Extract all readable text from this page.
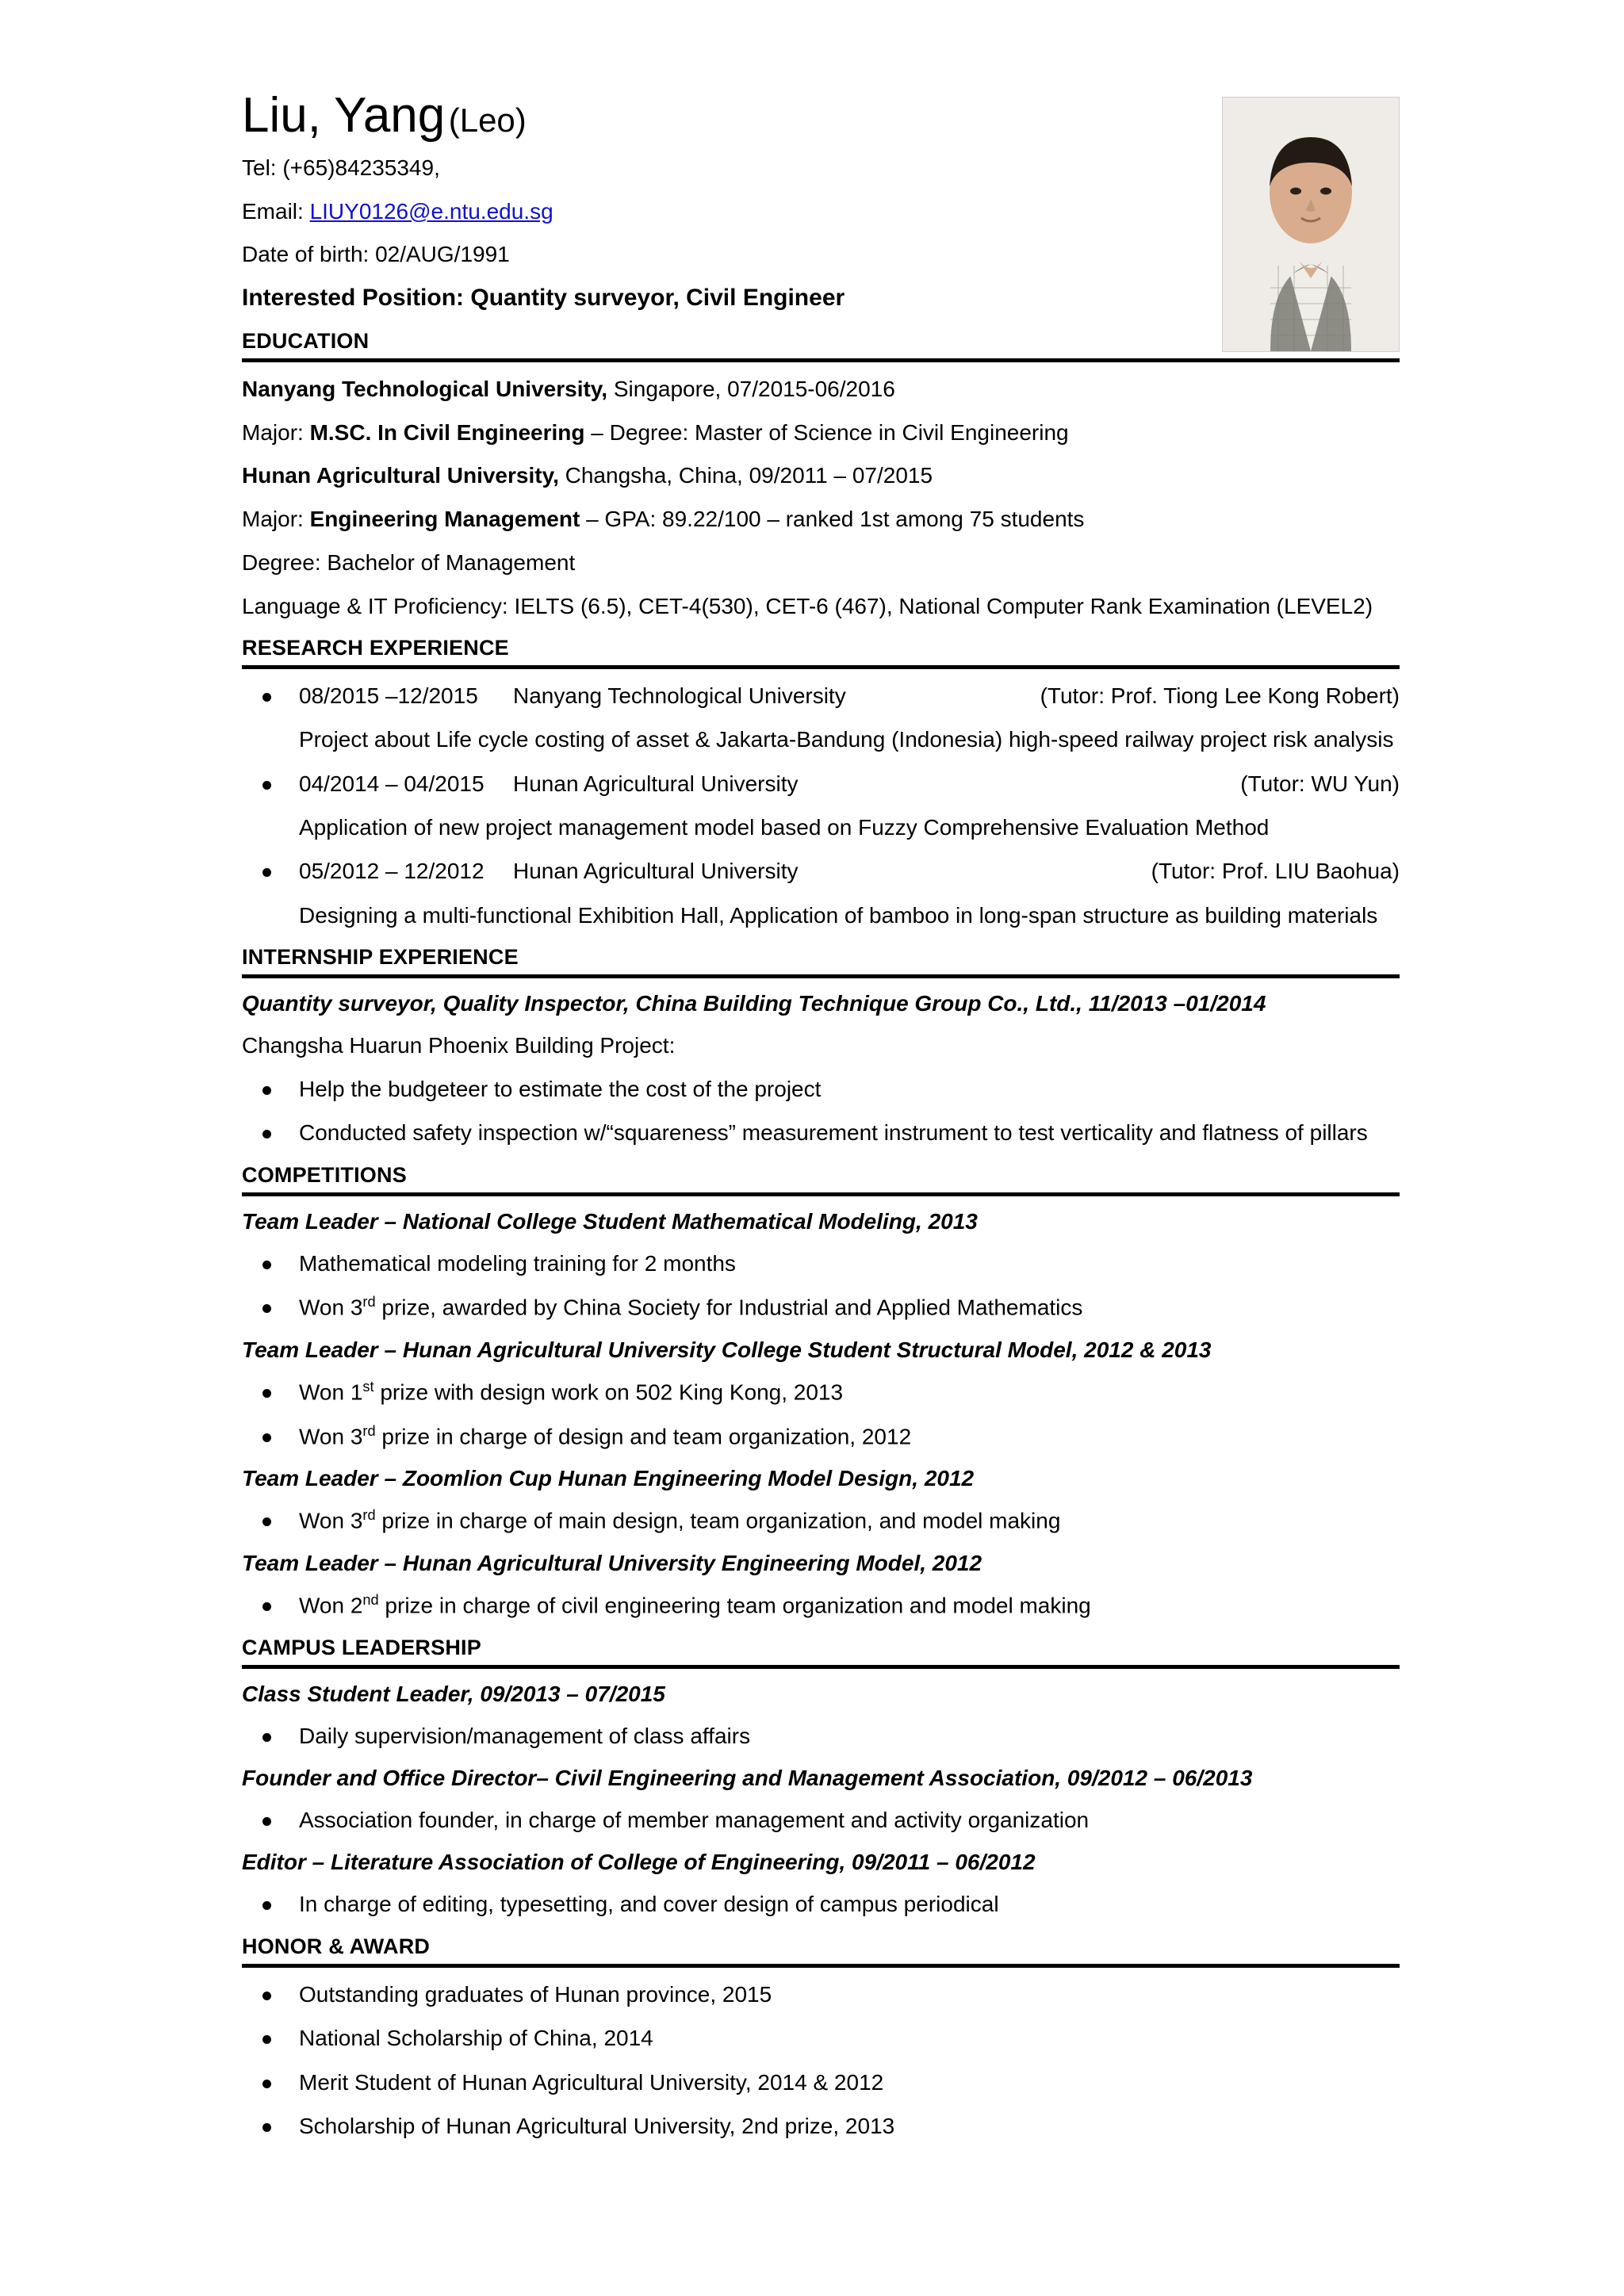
Liu, Yang (Leo)
Tel: (+65)84235349,
Email: LIUY0126@e.ntu.edu.sg
Date of birth: 02/AUG/1991
Interested Position: Quantity surveyor, Civil Engineer
EDUCATION
Nanyang Technological University, Singapore, 07/2015-06/2016
Major: M.SC. In Civil Engineering – Degree: Master of Science in Civil Engineering
Hunan Agricultural University, Changsha, China, 09/2011 – 07/2015
Major: Engineering Management – GPA: 89.22/100 – ranked 1st among 75 students
Degree: Bachelor of Management
Language & IT Proficiency: IELTS (6.5), CET-4(530), CET-6 (467), National Computer Rank Examination (LEVEL2)
RESEARCH EXPERIENCE
08/2015 –12/2015	Nanyang Technological University	(Tutor: Prof. Tiong Lee Kong Robert)
Project about Life cycle costing of asset & Jakarta-Bandung (Indonesia) high-speed railway project risk analysis
04/2014 – 04/2015	Hunan Agricultural University	(Tutor: WU Yun)
Application of new project management model based on Fuzzy Comprehensive Evaluation Method
05/2012 – 12/2012	Hunan Agricultural University	(Tutor: Prof. LIU Baohua)
Designing a multi-functional Exhibition Hall, Application of bamboo in long-span structure as building materials
INTERNSHIP EXPERIENCE
Quantity surveyor, Quality Inspector, China Building Technique Group Co., Ltd., 11/2013 –01/2014
Changsha Huarun Phoenix Building Project:
Help the budgeteer to estimate the cost of the project
Conducted safety inspection w/“squareness” measurement instrument to test verticality and flatness of pillars
COMPETITIONS
Team Leader – National College Student Mathematical Modeling, 2013
Mathematical modeling training for 2 months
Won 3rd prize, awarded by China Society for Industrial and Applied Mathematics
Team Leader – Hunan Agricultural University College Student Structural Model, 2012 & 2013
Won 1st prize with design work on 502 King Kong, 2013
Won 3rd prize in charge of design and team organization, 2012
Team Leader – Zoomlion Cup Hunan Engineering Model Design, 2012
Won 3rd prize in charge of main design, team organization, and model making
Team Leader – Hunan Agricultural University Engineering Model, 2012
Won 2nd prize in charge of civil engineering team organization and model making
CAMPUS LEADERSHIP
Class Student Leader, 09/2013 – 07/2015
Daily supervision/management of class affairs
Founder and Office Director– Civil Engineering and Management Association, 09/2012 – 06/2013
Association founder, in charge of member management and activity organization
Editor – Literature Association of College of Engineering, 09/2011 – 06/2012
In charge of editing, typesetting, and cover design of campus periodical
HONOR & AWARD
Outstanding graduates of Hunan province, 2015
National Scholarship of China, 2014
Merit Student of Hunan Agricultural University, 2014 & 2012
Scholarship of Hunan Agricultural University, 2nd prize, 2013
